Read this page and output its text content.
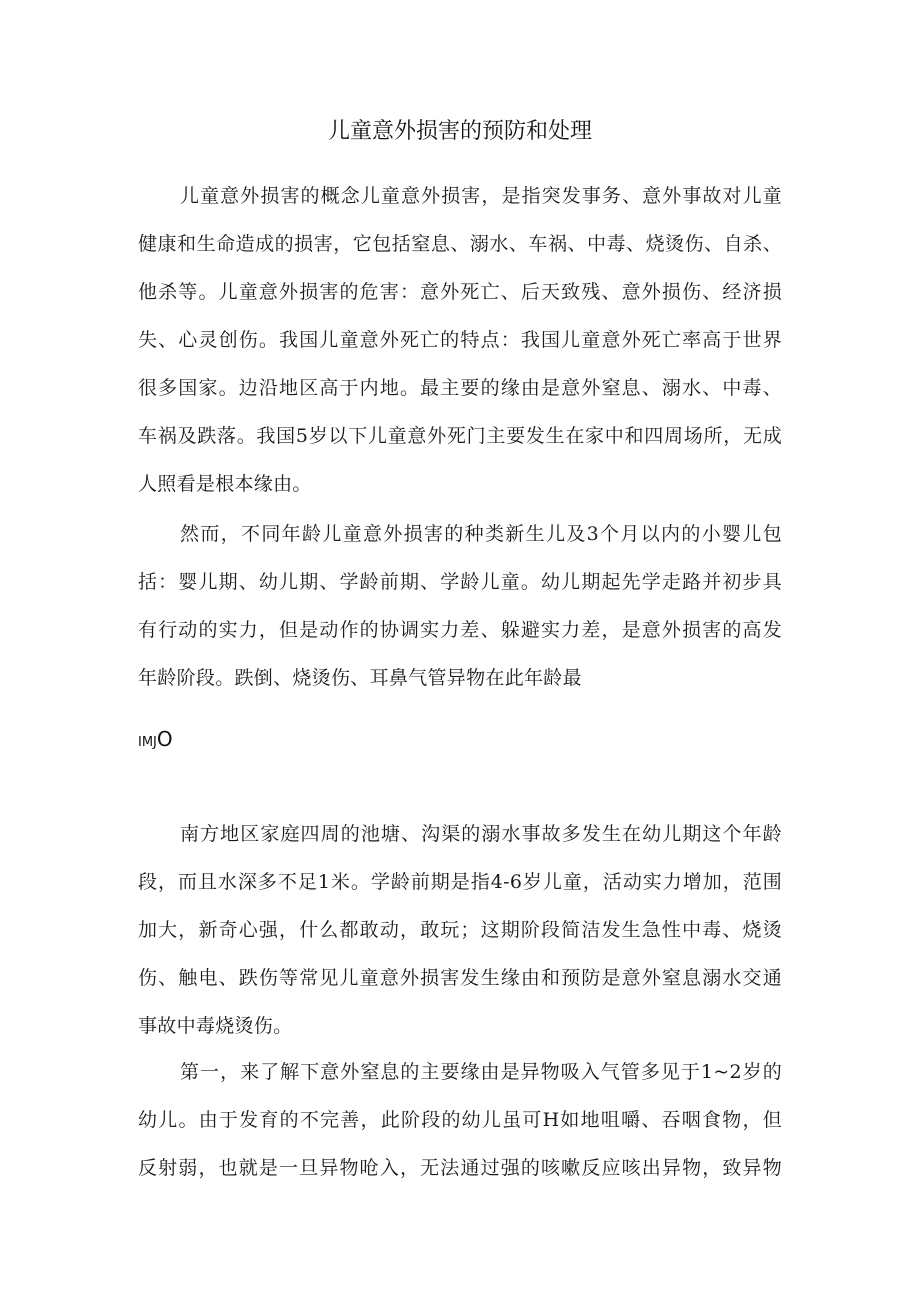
儿童意外损害的预防和处理
儿童意外损害的概念儿童意外损害，是指突发事务、意外事故对儿童
健康和生命造成的损害，它包括窒息、溺水、车祸、中毒、烧烫伤、自杀、
他杀等。儿童意外损害的危害：意外死亡、后天致残、意外损伤、经济损
失、心灵创伤。我国儿童意外死亡的特点：我国儿童意外死亡率高于世界
很多国家。边沿地区高于内地。最主要的缘由是意外窒息、溺水、中毒、
车祸及跌落。我国5岁以下儿童意外死门主要发生在家中和四周场所，无成
人照看是根本缘由。
然而，不同年龄儿童意外损害的种类新生儿及3个月以内的小婴儿包
括：婴儿期、幼儿期、学龄前期、学龄儿童。幼儿期起先学走路并初步具
有行动的实力，但是动作的协调实力差、躲避实力差，是意外损害的高发
年龄阶段。跌倒、烧烫伤、耳鼻气管异物在此年龄最
IMJO
南方地区家庭四周的池塘、沟渠的溺水事故多发生在幼儿期这个年龄
段，而且水深多不足1米。学龄前期是指4-6岁儿童，活动实力增加，范围
加大，新奇心强，什么都敢动，敢玩；这期阶段简洁发生急性中毒、烧烫
伤、触电、跌伤等常见儿童意外损害发生缘由和预防是意外窒息溺水交通
事故中毒烧烫伤。
第一，来了解下意外窒息的主要缘由是异物吸入气管多见于1~2岁的
幼儿。由于发育的不完善，此阶段的幼儿虽可H如地咀嚼、吞咽食物，但
反射弱，也就是一旦异物呛入，无法通过强的咳嗽反应咳出异物，致异物
